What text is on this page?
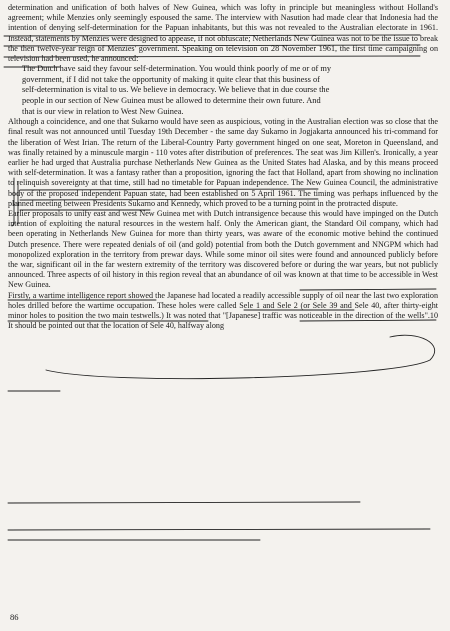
determination and unification of both halves of New Guinea, which was lofty in principle but meaningless without Holland's agreement; while Menzies only seemingly espoused the same. The interview with Nasution had made clear that Indonesia had the intention of denying self-determination for the Papuan inhabitants, but this was not revealed to the Australian electorate in 1961. Instead, statements by Menzies were designed to appease, if not obfuscate; Netherlands New Guinea was not to be the issue to break the then twelve-year reign of Menzies' government. Speaking on television on 28 November 1961, the first time campaigning on television had been used, he announced:

The Dutch have said they favour self-determination. You would think poorly of me or of my government, if I did not take the opportunity of making it quite clear that this business of self-determination is vital to us. We believe in democracy. We believe that in due course the people in our section of New Guinea must be allowed to determine their own future. And that is our view in relation to West New Guinea.

Although a coincidence, and one that Sukarno would have seen as auspicious, voting in the Australian election was so close that the final result was not announced until Tuesday 19th December - the same day Sukarno in Jogjakarta announced his tri-command for the liberation of West Irian. The return of the Liberal-Country Party government hinged on one seat, Moreton in Queensland, and was finally retained by a minuscule margin - 110 votes after distribution of preferences. The seat was Jim Killen's. Ironically, a year earlier he had urged that Australia purchase Netherlands New Guinea as the United States had Alaska, and by this means proceed with self-determination. It was a fantasy rather than a proposition, ignoring the fact that Holland, apart from showing no inclination to relinquish sovereignty at that time, still had no timetable for Papuan independence. The New Guinea Council, the administrative body of the proposed independent Papuan state, had been established on 5 April 1961. The timing was perhaps influenced by the planned meeting between Presidents Sukarno and Kennedy, which proved to be a turning point in the protracted dispute.

Earlier proposals to unify east and west New Guinea met with Dutch intransigence because this would have impinged on the Dutch intention of exploiting the natural resources in the western half. Only the American giant, the Standard Oil company, which had been operating in Netherlands New Guinea for more than thirty years, was aware of the economic motive behind the continued Dutch presence. There were repeated denials of oil (and gold) potential from both the Dutch government and NNGPM which had monopolized exploration in the territory from prewar days. While some minor oil sites were found and announced publicly before the war, significant oil in the far western extremity of the territory was discovered before or during the war years, but not publicly announced. Three aspects of oil history in this region reveal that an abundance of oil was known at that time to be accessible in West New Guinea.

Firstly, a wartime intelligence report showed the Japanese had located a readily accessible supply of oil near the last two exploration holes drilled before the wartime occupation. These holes were called Sele 1 and Sele 2 (or Sele 39 and Sele 40, after thirty-eight minor holes to position the two main testwells.) It was noted that "[Japanese] traffic was noticeable in the direction of the wells".10 It should be pointed out that the location of Sele 40, halfway along

86
